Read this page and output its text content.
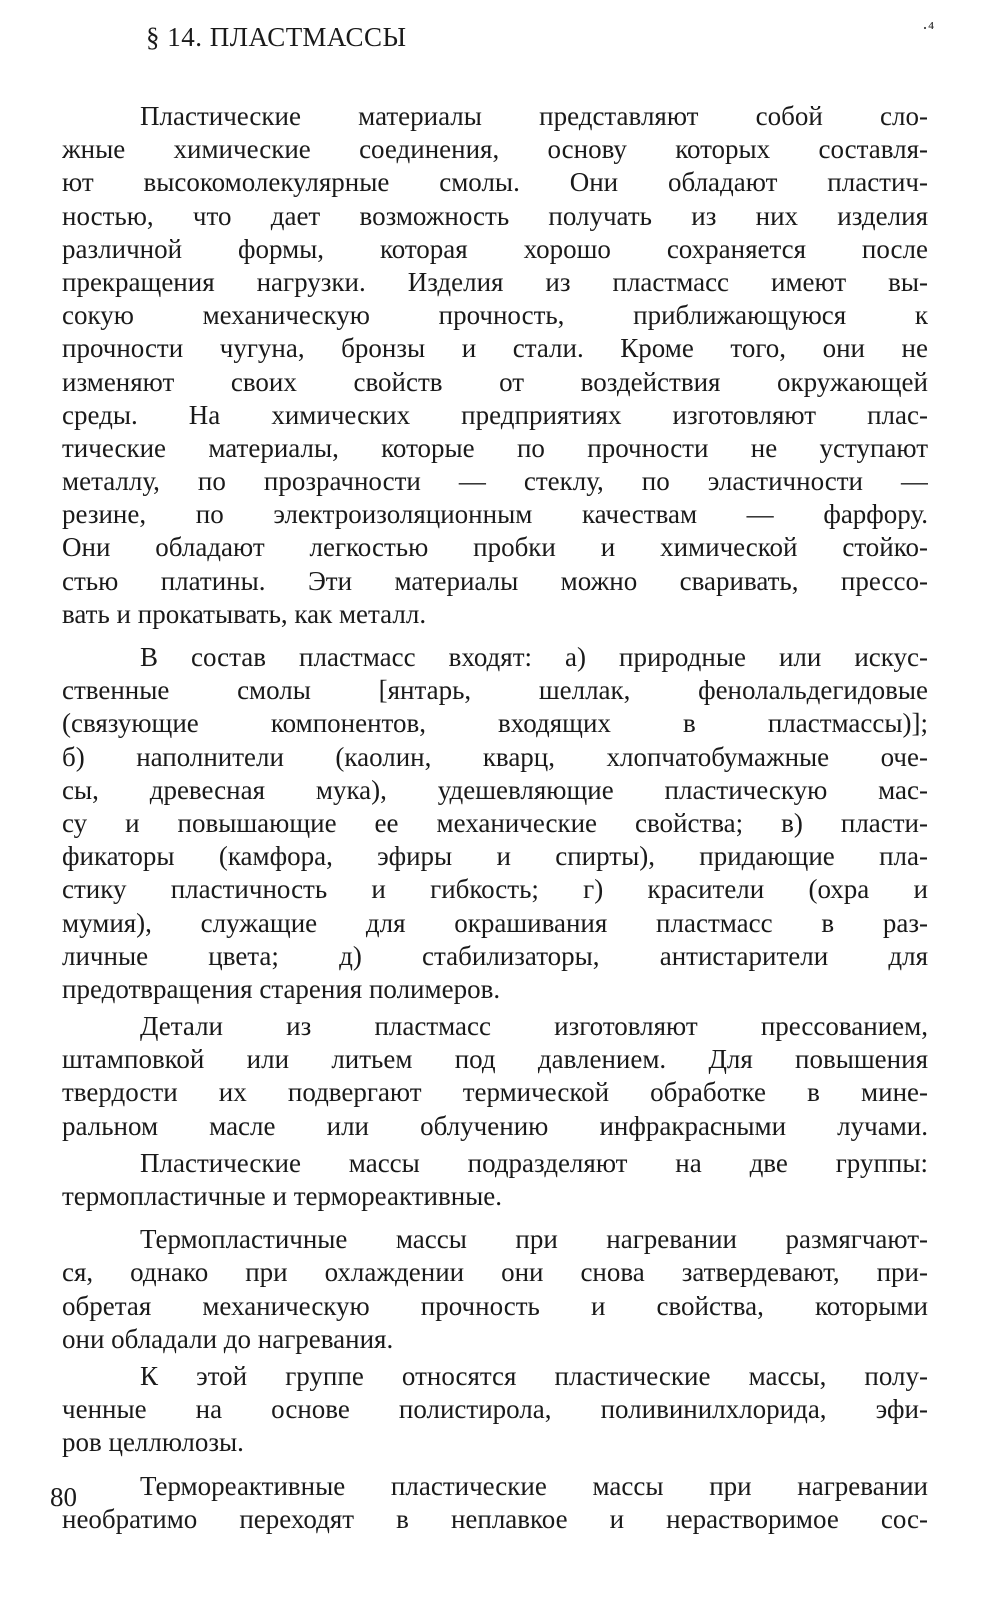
§ 14. ПЛАСТМАССЫ	·⁴

Пластические материалы представляют собой сло-
жные химические соединения, основу которых составля-
ют высокомолекулярные смолы. Они обладают пластич-
ностью, что дает возможность получать из них изделия
различной формы, которая хорошо сохраняется после
прекращения нагрузки. Изделия из пластмасс имеют вы-
сокую механическую прочность, приближающуюся к
прочности чугуна, бронзы и стали. Кроме того, они не
изменяют своих свойств от воздействия окружающей
среды. На химических предприятиях изготовляют плас-
тические материалы, которые по прочности не уступают
металлу, по прозрачности — стеклу, по эластичности —
резине, по электроизоляционным качествам — фарфору.
Они обладают легкостью пробки и химической стойко-
стью платины. Эти материалы можно сваривать, прессо-
вать и прокатывать, как металл.

В состав пластмасс входят: а) природные или искус-
ственные смолы [янтарь, шеллак, фенолальдегидовые
(связующие компонентов, входящих в пластмассы)];
б) наполнители (каолин, кварц, хлопчатобумажные оче-
сы, древесная мука), удешевляющие пластическую мас-
су и повышающие ее механические свойства; в) пласти-
фикаторы (камфора, эфиры и спирты), придающие пла-
стику пластичность и гибкость; г) красители (охра и
мумия), служащие для окрашивания пластмасс в раз-
личные цвета; д) стабилизаторы, антистарители для
предотвращения старения полимеров.

Детали из пластмасс изготовляют прессованием,
штамповкой или литьем под давлением. Для повышения
твердости их подвергают термической обработке в мине-
ральном масле или облучению инфракрасными лучами.

Пластические массы подразделяют на две группы:
термопластичные и термореактивные.

Термопластичные массы при нагревании размягчают-
ся, однако при охлаждении они снова затвердевают, при-
обретая механическую прочность и свойства, которыми
они обладали до нагревания.

К этой группе относятся пластические массы, полу-
ченные на основе полистирола, поливинилхлорида, эфи-
ров целлюлозы.

Термореактивные пластические массы при нагревании
необратимо переходят в неплавкое и нерастворимое сос-

80
